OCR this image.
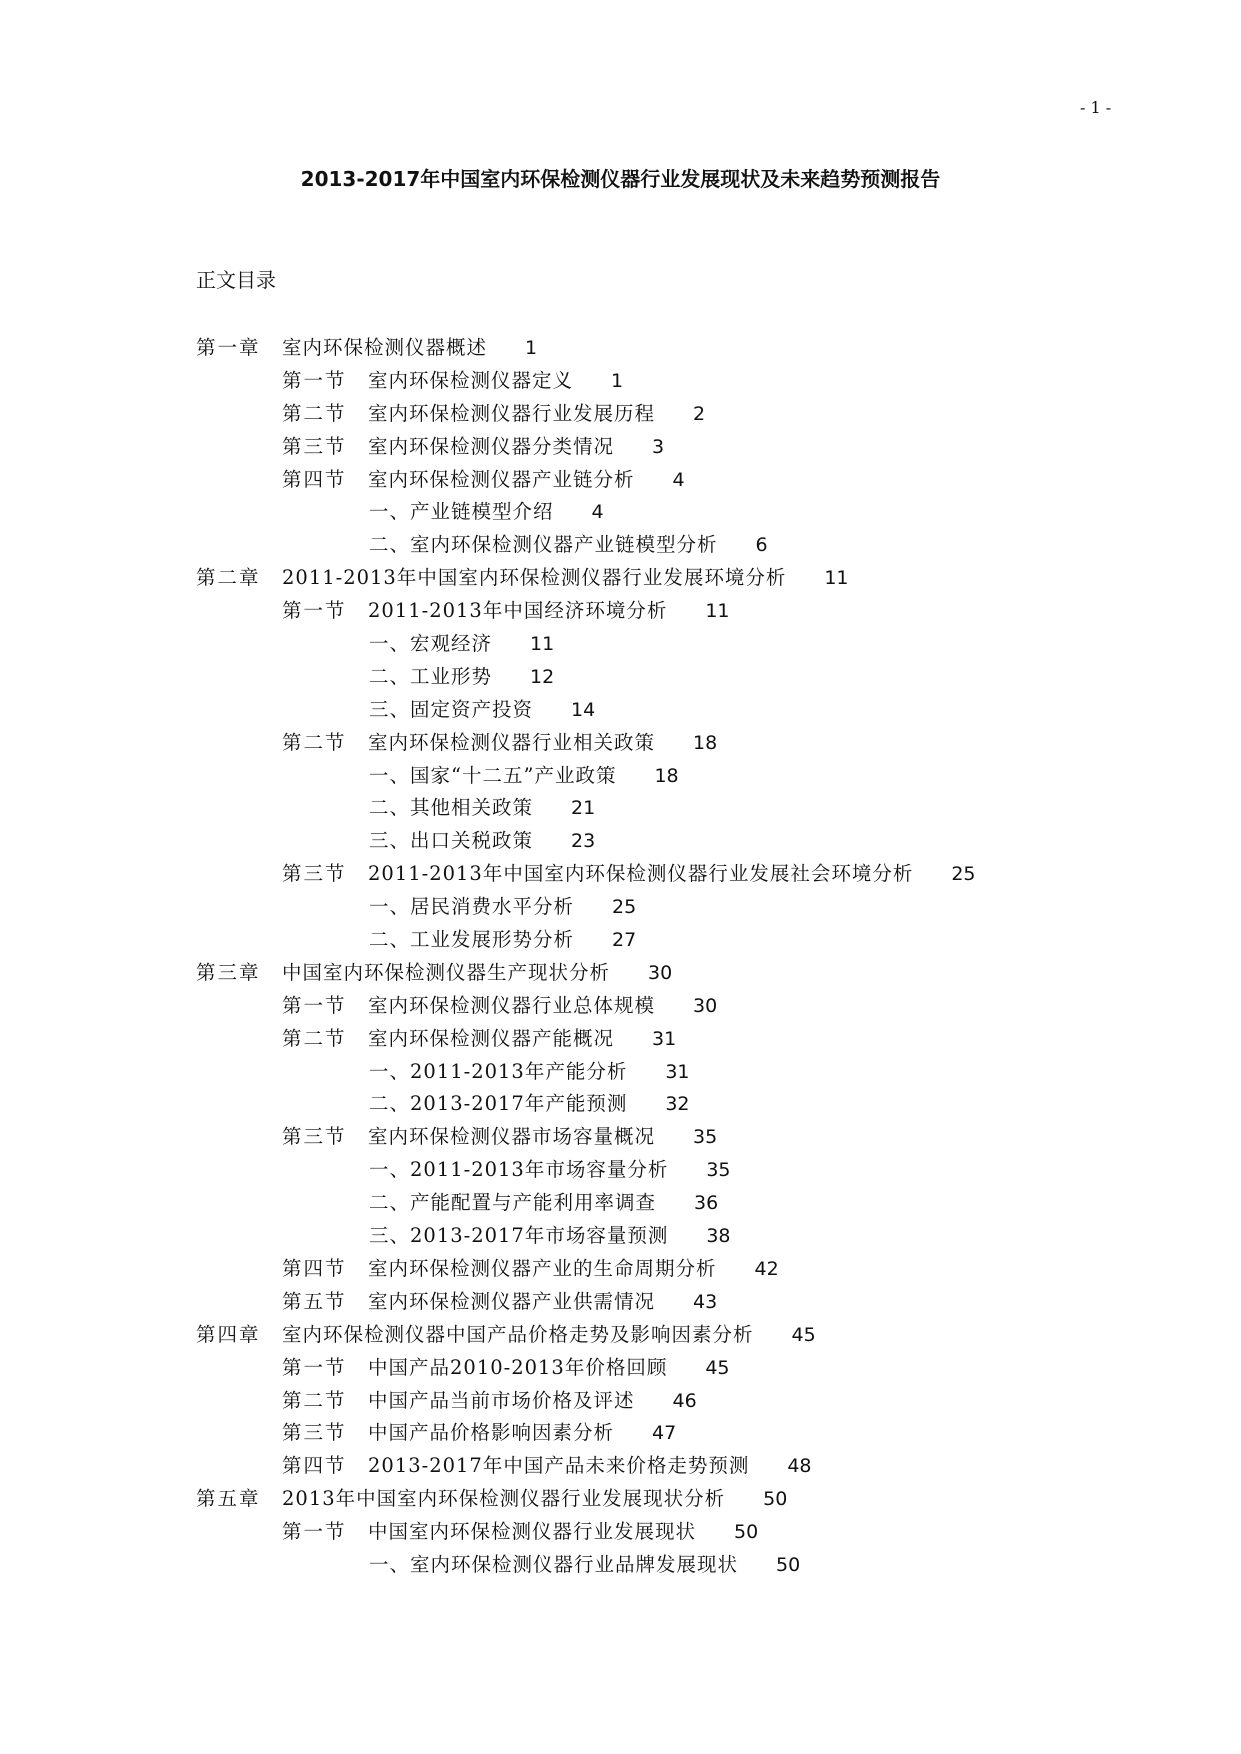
- 1 -
2013-2017年中国室内环保检测仪器行业发展现状及未来趋势预测报告
正文目录
第一章 室内环保检测仪器概述 1
第一节 室内环保检测仪器定义 1
第二节 室内环保检测仪器行业发展历程 2
第三节 室内环保检测仪器分类情况 3
第四节 室内环保检测仪器产业链分析 4
一、产业链模型介绍 4
二、室内环保检测仪器产业链模型分析 6
第二章 2011-2013年中国室内环保检测仪器行业发展环境分析 11
第一节 2011-2013年中国经济环境分析 11
一、宏观经济 11
二、工业形势 12
三、固定资产投资 14
第二节 室内环保检测仪器行业相关政策 18
一、国家“十二五”产业政策 18
二、其他相关政策 21
三、出口关税政策 23
第三节 2011-2013年中国室内环保检测仪器行业发展社会环境分析 25
一、居民消费水平分析 25
二、工业发展形势分析 27
第三章 中国室内环保检测仪器生产现状分析 30
第一节 室内环保检测仪器行业总体规模 30
第二节 室内环保检测仪器产能概况 31
一、2011-2013年产能分析 31
二、2013-2017年产能预测 32
第三节 室内环保检测仪器市场容量概况 35
一、2011-2013年市场容量分析 35
二、产能配置与产能利用率调查 36
三、2013-2017年市场容量预测 38
第四节 室内环保检测仪器产业的生命周期分析 42
第五节 室内环保检测仪器产业供需情况 43
第四章 室内环保检测仪器中国产品价格走势及影响因素分析 45
第一节 中国产品2010-2013年价格回顾 45
第二节 中国产品当前市场价格及评述 46
第三节 中国产品价格影响因素分析 47
第四节 2013-2017年中国产品未来价格走势预测 48
第五章 2013年中国室内环保检测仪器行业发展现状分析 50
第一节 中国室内环保检测仪器行业发展现状 50
一、室内环保检测仪器行业品牌发展现状 50
